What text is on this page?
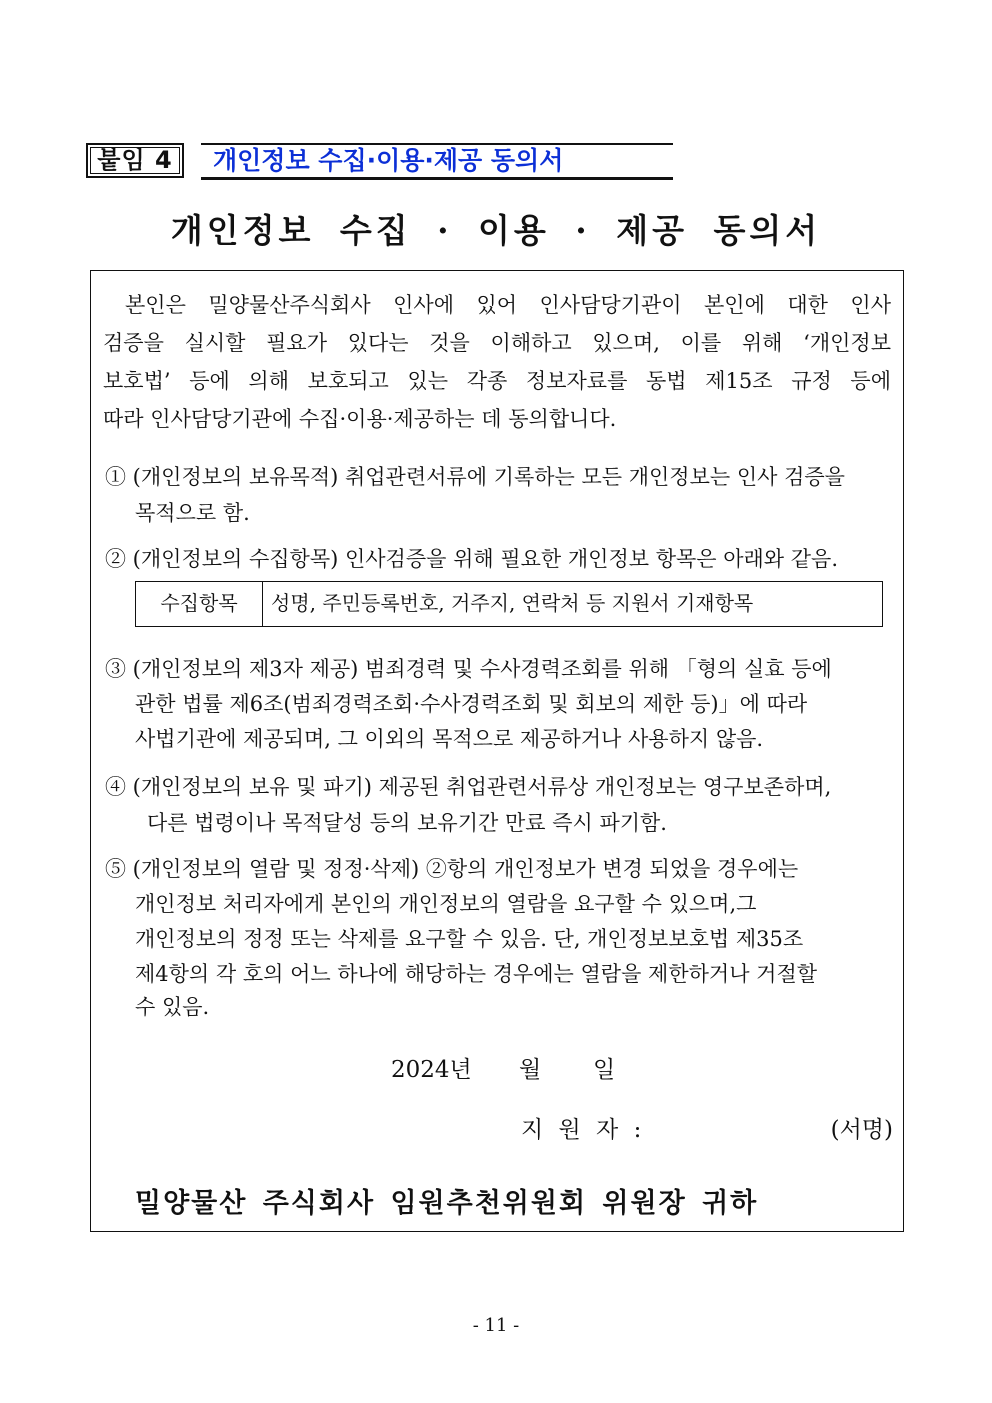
붙임 4	개인정보 수집·이용·제공 동의서
개인정보 수집 · 이용 · 제공 동의서
본인은 밀양물산주식회사 인사에 있어 인사담당기관이 본인에 대한 인사
검증을 실시할 필요가 있다는 것을 이해하고 있으며, 이를 위해 ‘개인정보
보호법’ 등에 의해 보호되고 있는 각종 정보자료를 동법 제15조 규정 등에
따라 인사담당기관에 수집·이용·제공하는 데 동의합니다.
① (개인정보의 보유목적) 취업관련서류에 기록하는 모든 개인정보는 인사 검증을
목적으로 함.
② (개인정보의 수집항목) 인사검증을 위해 필요한 개인정보 항목은 아래와 같음.
수집항목	성명, 주민등록번호, 거주지, 연락처 등 지원서 기재항목
③ (개인정보의 제3자 제공) 범죄경력 및 수사경력조회를 위해 「형의 실효 등에
관한 법률 제6조(범죄경력조회·수사경력조회 및 회보의 제한 등)」에 따라
사법기관에 제공되며, 그 이외의 목적으로 제공하거나 사용하지 않음.
④ (개인정보의 보유 및 파기) 제공된 취업관련서류상 개인정보는 영구보존하며,
다른 법령이나 목적달성 등의 보유기간 만료 즉시 파기함.
⑤ (개인정보의 열람 및 정정·삭제) ②항의 개인정보가 변경 되었을 경우에는
개인정보 처리자에게 본인의 개인정보의 열람을 요구할 수 있으며,그
개인정보의 정정 또는 삭제를 요구할 수 있음. 단, 개인정보보호법 제35조
제4항의 각 호의 어느 하나에 해당하는 경우에는 열람을 제한하거나 거절할
수 있음.
2024년 월 일
지 원 자 :	(서명)
밀양물산 주식회사 임원추천위원회 위원장 귀하
- 11 -
